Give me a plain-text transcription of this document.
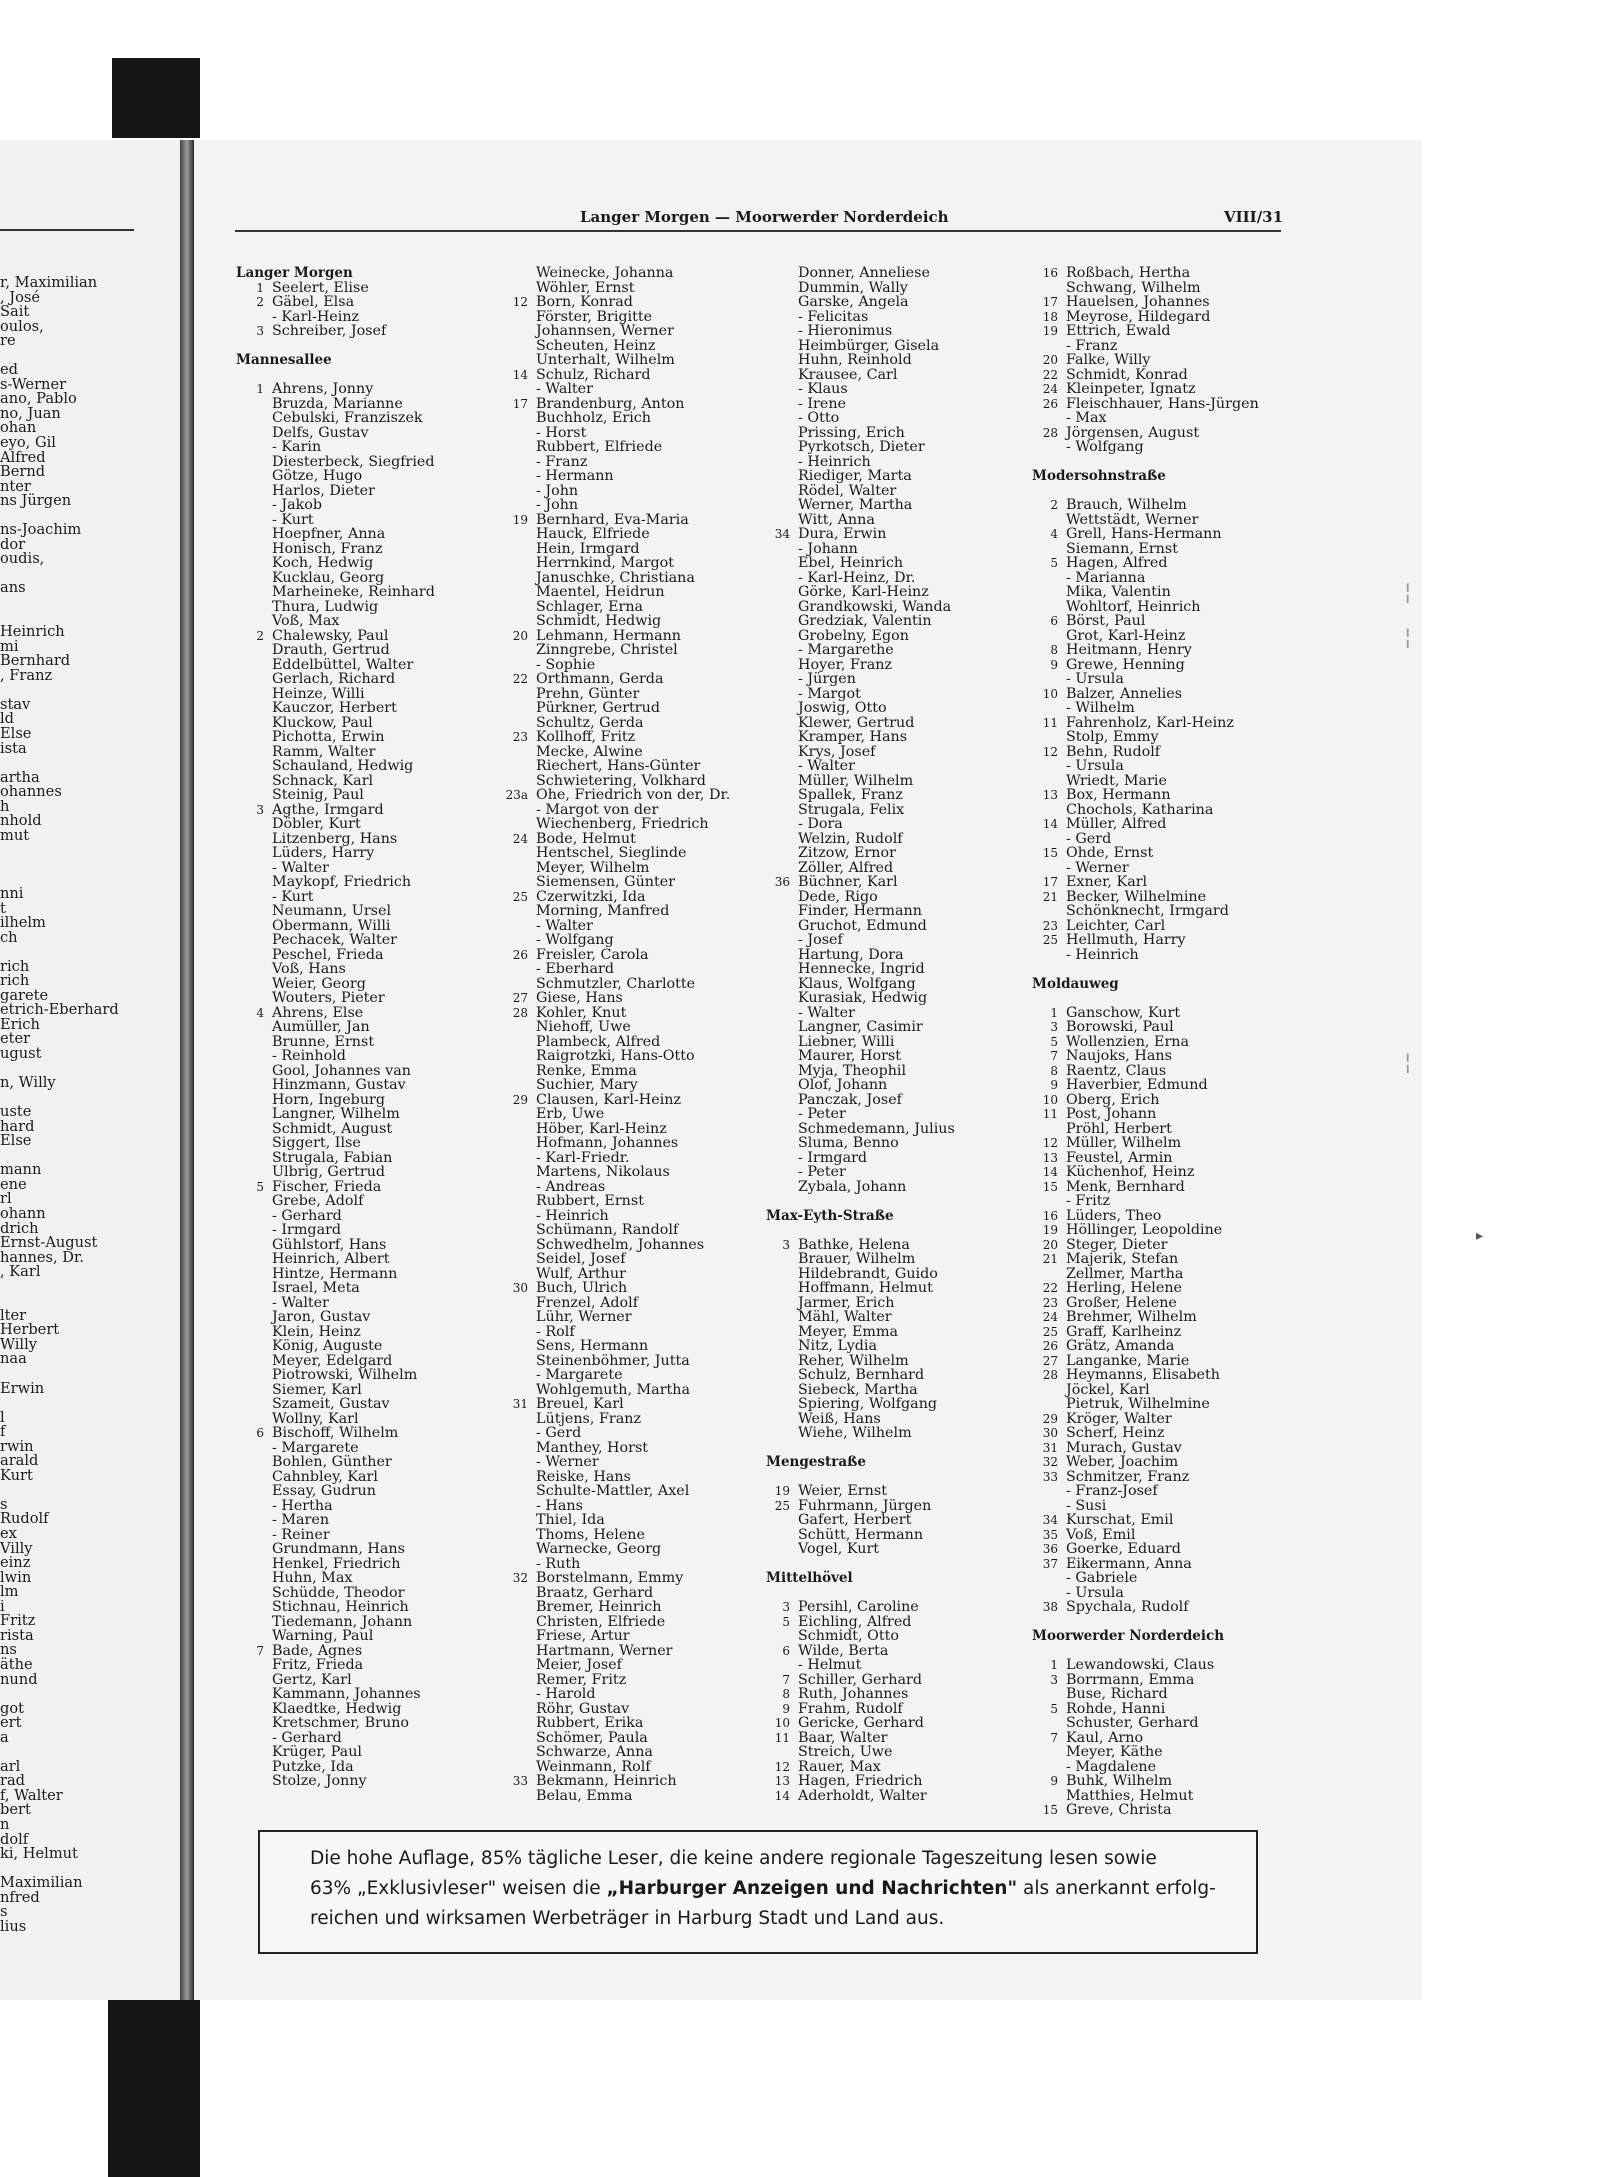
r, Maximilian
, José
Sait
oulos,
re
ed
s-Werner
ano, Pablo
no, Juan
ohan
eyo, Gil
Alfred
Bernd
nter
ns Jürgen
ns-Joachim
dor
oudis,
ans
Heinrich
mi
Bernhard
, Franz
stav
ld
Else
ista
artha
ohannes
h
nhold
mut
nni
t
ilhelm
ch
rich
rich
garete
etrich-Eberhard
Erich
eter
ugust
n, Willy
uste
hard
Else
mann
ene
rl
ohann
drich
Ernst-August
hannes, Dr.
, Karl
lter
Herbert
Willy
naa
Erwin
l
f
rwin
arald
Kurt
s
Rudolf
ex
Villy
einz
lwin
lm
i
Fritz
rista
ns
äthe
nund
got
ert
a
arl
rad
f, Walter
bert
n
dolf
ki, Helmut
Maximilian
nfred
s
lius
Langer Morgen — Moorwerder Norderdeich	VIII/31
Langer Morgen
1 Seelert, Elise
2 Gäbel, Elsa
- Karl-Heinz
3 Schreiber, Josef
Mannesallee
1 Ahrens, Jonny
Bruzda, Marianne
Cebulski, Franziszek
Delfs, Gustav
- Karin
Diesterbeck, Siegfried
Götze, Hugo
Harlos, Dieter
- Jakob
- Kurt
Hoepfner, Anna
Honisch, Franz
Koch, Hedwig
Kucklau, Georg
Marheineke, Reinhard
Thura, Ludwig
Voß, Max
2 Chalewsky, Paul
Drauth, Gertrud
Eddelbüttel, Walter
Gerlach, Richard
Heinze, Willi
Kauczor, Herbert
Kluckow, Paul
Pichotta, Erwin
Ramm, Walter
Schauland, Hedwig
Schnack, Karl
Steinig, Paul
3 Agthe, Irmgard
Döbler, Kurt
Litzenberg, Hans
Lüders, Harry
- Walter
Maykopf, Friedrich
- Kurt
Neumann, Ursel
Obermann, Willi
Pechacek, Walter
Peschel, Frieda
Voß, Hans
Weier, Georg
Wouters, Pieter
4 Ahrens, Else
Aumüller, Jan
Brunne, Ernst
- Reinhold
Gool, Johannes van
Hinzmann, Gustav
Horn, Ingeburg
Langner, Wilhelm
Schmidt, August
Siggert, Ilse
Strugala, Fabian
Ulbrig, Gertrud
5 Fischer, Frieda
Grebe, Adolf
- Gerhard
- Irmgard
Gühlstorf, Hans
Heinrich, Albert
Hintze, Hermann
Israel, Meta
- Walter
Jaron, Gustav
Klein, Heinz
König, Auguste
Meyer, Edelgard
Piotrowski, Wilhelm
Siemer, Karl
Szameit, Gustav
Wollny, Karl
6 Bischoff, Wilhelm
- Margarete
Bohlen, Günther
Cahnbley, Karl
Essay, Gudrun
- Hertha
- Maren
- Reiner
Grundmann, Hans
Henkel, Friedrich
Huhn, Max
Schüdde, Theodor
Stichnau, Heinrich
Tiedemann, Johann
Warning, Paul
7 Bade, Agnes
Fritz, Frieda
Gertz, Karl
Kammann, Johannes
Klaedtke, Hedwig
Kretschmer, Bruno
- Gerhard
Krüger, Paul
Putzke, Ida
Stolze, Jonny
Weinecke, Johanna
Wöhler, Ernst
12 Born, Konrad
Förster, Brigitte
Johannsen, Werner
Scheuten, Heinz
Unterhalt, Wilhelm
14 Schulz, Richard
- Walter
17 Brandenburg, Anton
Buchholz, Erich
- Horst
Rubbert, Elfriede
- Franz
- Hermann
- John
- John
19 Bernhard, Eva-Maria
Hauck, Elfriede
Hein, Irmgard
Herrnkind, Margot
Januschke, Christiana
Maentel, Heidrun
Schlager, Erna
Schmidt, Hedwig
20 Lehmann, Hermann
Zinngrebe, Christel
- Sophie
22 Orthmann, Gerda
Prehn, Günter
Pürkner, Gertrud
Schultz, Gerda
23 Kollhoff, Fritz
Mecke, Alwine
Riechert, Hans-Günter
Schwietering, Volkhard
23a Ohe, Friedrich von der, Dr.
- Margot von der
Wiechenberg, Friedrich
24 Bode, Helmut
Hentschel, Sieglinde
Meyer, Wilhelm
Siemensen, Günter
25 Czerwitzki, Ida
Morning, Manfred
- Walter
- Wolfgang
26 Freisler, Carola
- Eberhard
Schmutzler, Charlotte
27 Giese, Hans
28 Kohler, Knut
Niehoff, Uwe
Plambeck, Alfred
Raigrotzki, Hans-Otto
Renke, Emma
Suchier, Mary
29 Clausen, Karl-Heinz
Erb, Uwe
Höber, Karl-Heinz
Hofmann, Johannes
- Karl-Friedr.
Martens, Nikolaus
- Andreas
Rubbert, Ernst
- Heinrich
Schümann, Randolf
Schwedhelm, Johannes
Seidel, Josef
Wulf, Arthur
30 Buch, Ulrich
Frenzel, Adolf
Lühr, Werner
- Rolf
Sens, Hermann
Steinenböhmer, Jutta
- Margarete
Wohlgemuth, Martha
31 Breuel, Karl
Lütjens, Franz
- Gerd
Manthey, Horst
- Werner
Reiske, Hans
Schulte-Mattler, Axel
- Hans
Thiel, Ida
Thoms, Helene
Warnecke, Georg
- Ruth
32 Borstelmann, Emmy
Braatz, Gerhard
Bremer, Heinrich
Christen, Elfriede
Friese, Artur
Hartmann, Werner
Meier, Josef
Remer, Fritz
- Harold
Röhr, Gustav
Rubbert, Erika
Schömer, Paula
Schwarze, Anna
Weinmann, Rolf
33 Bekmann, Heinrich
Belau, Emma
Donner, Anneliese
Dummin, Wally
Garske, Angela
- Felicitas
- Hieronimus
Heimbürger, Gisela
Huhn, Reinhold
Krausee, Carl
- Klaus
- Irene
- Otto
Prissing, Erich
Pyrkotsch, Dieter
- Heinrich
Riediger, Marta
Rödel, Walter
Werner, Martha
Witt, Anna
34 Dura, Erwin
- Johann
Ebel, Heinrich
- Karl-Heinz, Dr.
Görke, Karl-Heinz
Grandkowski, Wanda
Gredziak, Valentin
Grobelny, Egon
- Margarethe
Hoyer, Franz
- Jürgen
- Margot
Joswig, Otto
Klewer, Gertrud
Kramper, Hans
Krys, Josef
- Walter
Müller, Wilhelm
Spallek, Franz
Strugala, Felix
- Dora
Welzin, Rudolf
Zitzow, Ernor
Zöller, Alfred
36 Büchner, Karl
Dede, Rigo
Finder, Hermann
Gruchot, Edmund
- Josef
Hartung, Dora
Hennecke, Ingrid
Klaus, Wolfgang
Kurasiak, Hedwig
- Walter
Langner, Casimir
Liebner, Willi
Maurer, Horst
Myja, Theophil
Olof, Johann
Panczak, Josef
- Peter
Schmedemann, Julius
Sluma, Benno
- Irmgard
- Peter
Zybala, Johann
Max-Eyth-Straße
3 Bathke, Helena
Brauer, Wilhelm
Hildebrandt, Guido
Hoffmann, Helmut
Jarmer, Erich
Mähl, Walter
Meyer, Emma
Nitz, Lydia
Reher, Wilhelm
Schulz, Bernhard
Siebeck, Martha
Spiering, Wolfgang
Weiß, Hans
Wiehe, Wilhelm
Mengestraße
19 Weier, Ernst
25 Fuhrmann, Jürgen
Gafert, Herbert
Schütt, Hermann
Vogel, Kurt
Mittelhövel
3 Persihl, Caroline
5 Eichling, Alfred
Schmidt, Otto
6 Wilde, Berta
- Helmut
7 Schiller, Gerhard
8 Ruth, Johannes
9 Frahm, Rudolf
10 Gericke, Gerhard
11 Baar, Walter
Streich, Uwe
12 Rauer, Max
13 Hagen, Friedrich
14 Aderholdt, Walter
16 Roßbach, Hertha
Schwang, Wilhelm
17 Hauelsen, Johannes
18 Meyrose, Hildegard
19 Ettrich, Ewald
- Franz
20 Falke, Willy
22 Schmidt, Konrad
24 Kleinpeter, Ignatz
26 Fleischhauer, Hans-Jürgen
- Max
28 Jörgensen, August
- Wolfgang
Modersohnstraße
2 Brauch, Wilhelm
Wettstädt, Werner
4 Grell, Hans-Hermann
Siemann, Ernst
5 Hagen, Alfred
- Marianna
Mika, Valentin
Wohltorf, Heinrich
6 Börst, Paul
Grot, Karl-Heinz
8 Heitmann, Henry
9 Grewe, Henning
- Ursula
10 Balzer, Annelies
- Wilhelm
11 Fahrenholz, Karl-Heinz
Stolp, Emmy
12 Behn, Rudolf
- Ursula
Wriedt, Marie
13 Box, Hermann
Chochols, Katharina
14 Müller, Alfred
- Gerd
15 Ohde, Ernst
- Werner
17 Exner, Karl
21 Becker, Wilhelmine
Schönknecht, Irmgard
23 Leichter, Carl
25 Hellmuth, Harry
- Heinrich
Moldauweg
1 Ganschow, Kurt
3 Borowski, Paul
5 Wollenzien, Erna
7 Naujoks, Hans
8 Raentz, Claus
9 Haverbier, Edmund
10 Oberg, Erich
11 Post, Johann
Pröhl, Herbert
12 Müller, Wilhelm
13 Feustel, Armin
14 Küchenhof, Heinz
15 Menk, Bernhard
- Fritz
16 Lüders, Theo
19 Höllinger, Leopoldine
20 Steger, Dieter
21 Majerik, Stefan
Zellmer, Martha
22 Herling, Helene
23 Großer, Helene
24 Brehmer, Wilhelm
25 Graff, Karlheinz
26 Grätz, Amanda
27 Langanke, Marie
28 Heymanns, Elisabeth
Jöckel, Karl
Pietruk, Wilhelmine
29 Kröger, Walter
30 Scherf, Heinz
31 Murach, Gustav
32 Weber, Joachim
33 Schmitzer, Franz
- Franz-Josef
- Susi
34 Kurschat, Emil
35 Voß, Emil
36 Goerke, Eduard
37 Eikermann, Anna
- Gabriele
- Ursula
38 Spychala, Rudolf
Moorwerder Norderdeich
1 Lewandowski, Claus
3 Borrmann, Emma
Buse, Richard
5 Rohde, Hanni
Schuster, Gerhard
7 Kaul, Arno
Meyer, Käthe
- Magdalene
9 Buhk, Wilhelm
Matthies, Helmut
15 Greve, Christa
Die hohe Auflage, 85% tägliche Leser, die keine andere regionale Tageszeitung lesen sowie
63% „Exklusivleser" weisen die „Harburger Anzeigen und Nachrichten" als anerkannt erfolg-
reichen und wirksamen Werbeträger in Harburg Stadt und Land aus.
¦
¦
¦
▸
